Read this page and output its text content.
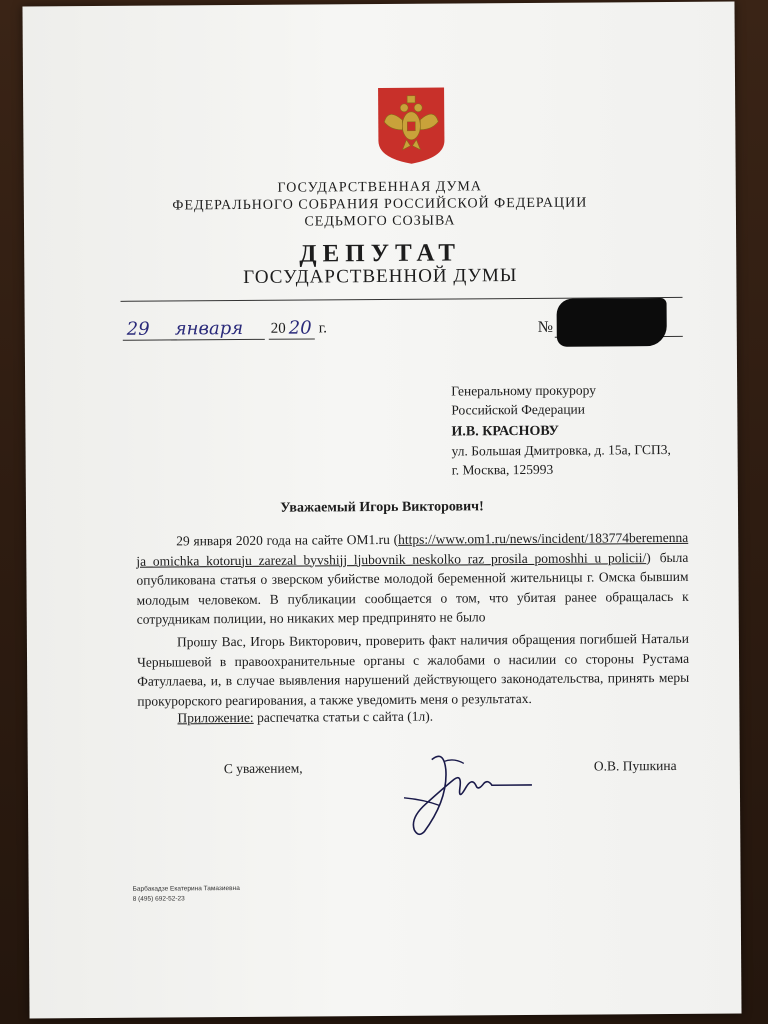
ГОСУДАРСТВЕННАЯ ДУМА
ФЕДЕРАЛЬНОГО СОБРАНИЯ РОССИЙСКОЙ ФЕДЕРАЦИИ
СЕДЬМОГО СОЗЫВА
ДЕПУТАТ
ГОСУДАРСТВЕННОЙ ДУМЫ
29 января 20 20 г.	№
Генеральному прокурору
Российской Федерации
И.В. КРАСНОВУ
ул. Большая Дмитровка, д. 15а, ГСП3,
г. Москва, 125993
Уважаемый Игорь Викторович!
29 января 2020 года на сайте OM1.ru (https://www.om1.ru/news/incident/183774beremennaja_omichka_kotoruju_zarezal_byvshijj_ljubovnik_neskolko_raz_prosila_pomoshhi_u_policii/) была опубликована статья о зверском убийстве молодой беременной жительницы г. Омска бывшим молодым человеком. В публикации сообщается о том, что убитая ранее обращалась к сотрудникам полиции, но никаких мер предпринято не было
Прошу Вас, Игорь Викторович, проверить факт наличия обращения погибшей Натальи Чернышевой в правоохранительные органы с жалобами о насилии со стороны Рустама Фатуллаева, и, в случае выявления нарушений действующего законодательства, принять меры прокурорского реагирования, а также уведомить меня о результатах.
Приложение: распечатка статьи с сайта (1л).
С уважением,	О.В. Пушкина
Барбакадзе Екатерина Тамазиевна
8 (495) 692-52-23
